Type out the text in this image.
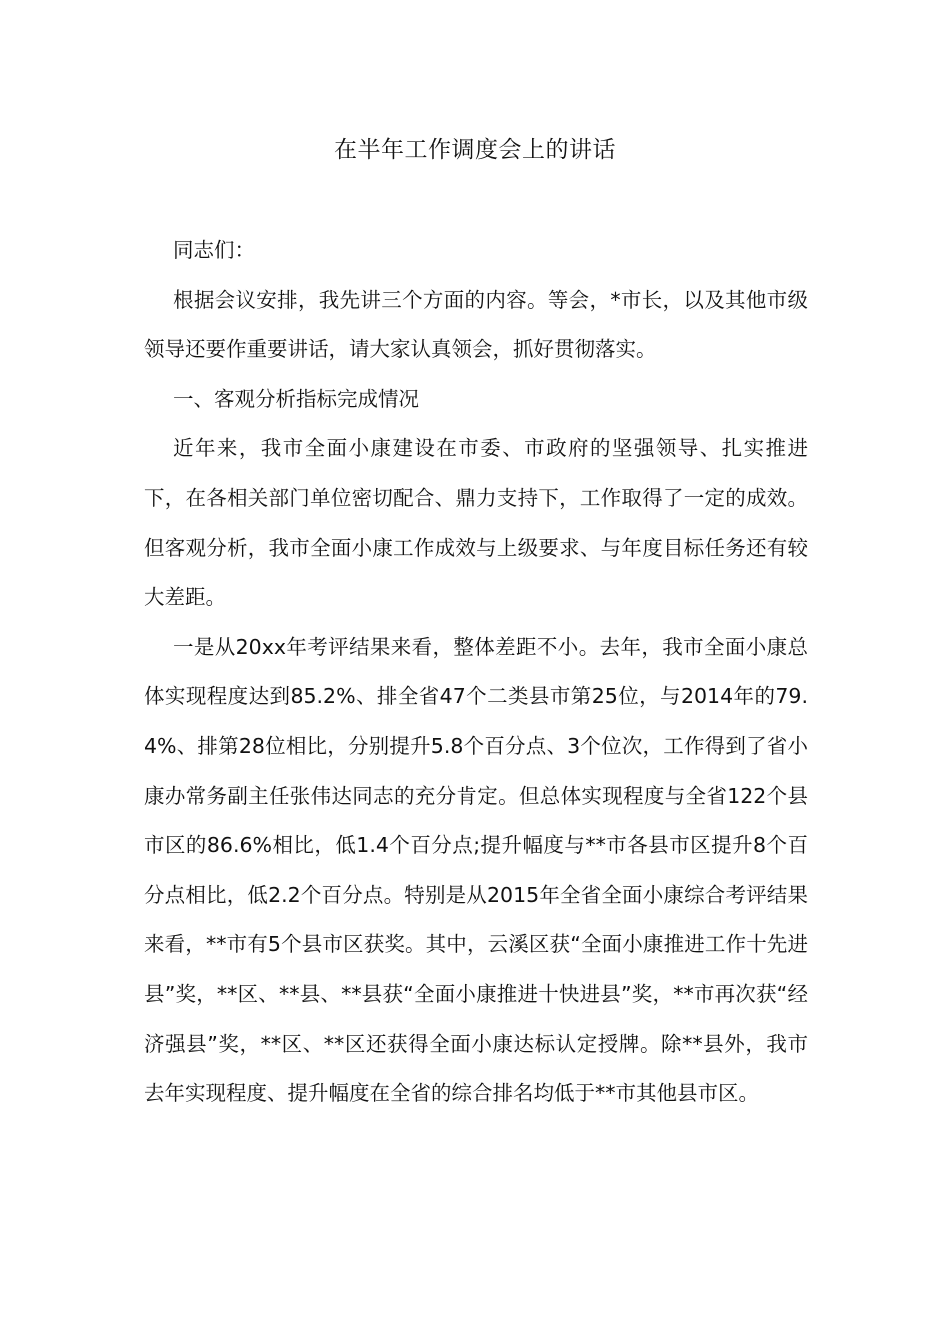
在半年工作调度会上的讲话

同志们：

根据会议安排，我先讲三个方面的内容。等会，*市长，以及其他市级领导还要作重要讲话，请大家认真领会，抓好贯彻落实。

一、客观分析指标完成情况

近年来，我市全面小康建设在市委、市政府的坚强领导、扎实推进下，在各相关部门单位密切配合、鼎力支持下，工作取得了一定的成效。但客观分析，我市全面小康工作成效与上级要求、与年度目标任务还有较大差距。

一是从20xx年考评结果来看，整体差距不小。去年，我市全面小康总体实现程度达到85.2%、排全省47个二类县市第25位，与2014年的79.4%、排第28位相比，分别提升5.8个百分点、3个位次，工作得到了省小康办常务副主任张伟达同志的充分肯定。但总体实现程度与全省122个县市区的86.6%相比，低1.4个百分点;提升幅度与**市各县市区提升8个百分点相比，低2.2个百分点。特别是从2015年全省全面小康综合考评结果来看，**市有5个县市区获奖。其中，云溪区获“全面小康推进工作十先进县”奖，**区、**县、**县获“全面小康推进十快进县”奖，**市再次获“经济强县”奖，**区、**区还获得全面小康达标认定授牌。除**县外，我市去年实现程度、提升幅度在全省的综合排名均低于**市其他县市区。
